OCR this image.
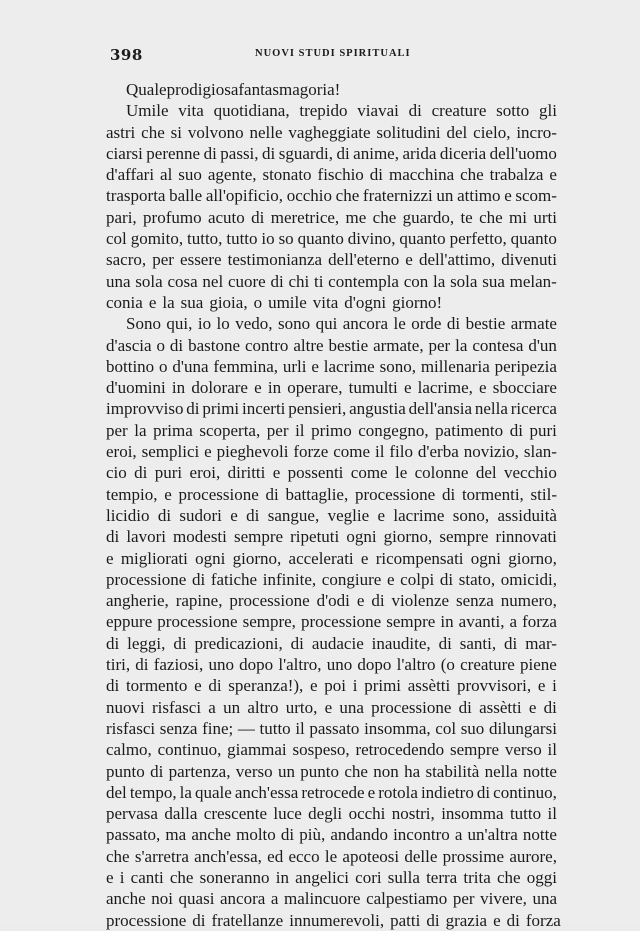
398	NUOVI STUDI SPIRITUALI
Quale prodigiosa fantasmagoria!
Umile vita quotidiana, trepido viavai di creature sotto gli
astri che si volvono nelle vagheggiate solitudini del cielo, incro-
ciarsi perenne di passi, di sguardi, di anime, arida diceria dell'uomo
d'affari al suo agente, stonato fischio di macchina che trabalza e
trasporta balle all'opificio, occhio che fraternizzi un attimo e scom-
pari, profumo acuto di meretrice, me che guardo, te che mi urti
col gomito, tutto, tutto io so quanto divino, quanto perfetto, quanto
sacro, per essere testimonianza dell'eterno e dell'attimo, divenuti
una sola cosa nel cuore di chi ti contempla con la sola sua melan-
conia e la sua gioia, o umile vita d'ogni giorno!
Sono qui, io lo vedo, sono qui ancora le orde di bestie armate
d'ascia o di bastone contro altre bestie armate, per la contesa d'un
bottino o d'una femmina, urli e lacrime sono, millenaria peripezia
d'uomini in dolorare e in operare, tumulti e lacrime, e sbocciare
improvviso di primi incerti pensieri, angustia dell'ansia nella ricerca
per la prima scoperta, per il primo congegno, patimento di puri
eroi, semplici e pieghevoli forze come il filo d'erba novizio, slan-
cio di puri eroi, diritti e possenti come le colonne del vecchio
tempio, e processione di battaglie, processione di tormenti, stil-
licidio di sudori e di sangue, veglie e lacrime sono, assiduità
di lavori modesti sempre ripetuti ogni giorno, sempre rinnovati
e migliorati ogni giorno, accelerati e ricompensati ogni giorno,
processione di fatiche infinite, congiure e colpi di stato, omicidi,
angherie, rapine, processione d'odi e di violenze senza numero,
eppure processione sempre, processione sempre in avanti, a forza
di leggi, di predicazioni, di audacie inaudite, di santi, di mar-
tiri, di faziosi, uno dopo l'altro, uno dopo l'altro (o creature piene
di tormento e di speranza!), e poi i primi assètti provvisori, e i
nuovi risfasci a un altro urto, e una processione di assètti e di
risfasci senza fine; — tutto il passato insomma, col suo dilungarsi
calmo, continuo, giammai sospeso, retrocedendo sempre verso il
punto di partenza, verso un punto che non ha stabilità nella notte
del tempo, la quale anch'essa retrocede e rotola indietro di continuo,
pervasa dalla crescente luce degli occhi nostri, insomma tutto il
passato, ma anche molto di più, andando incontro a un'altra notte
che s'arretra anch'essa, ed ecco le apoteosi delle prossime aurore,
e i canti che soneranno in angelici cori sulla terra trita che oggi
anche noi quasi ancora a malincuore calpestiamo per vivere, una
processione di fratellanze innumerevoli, patti di grazia e di forza
